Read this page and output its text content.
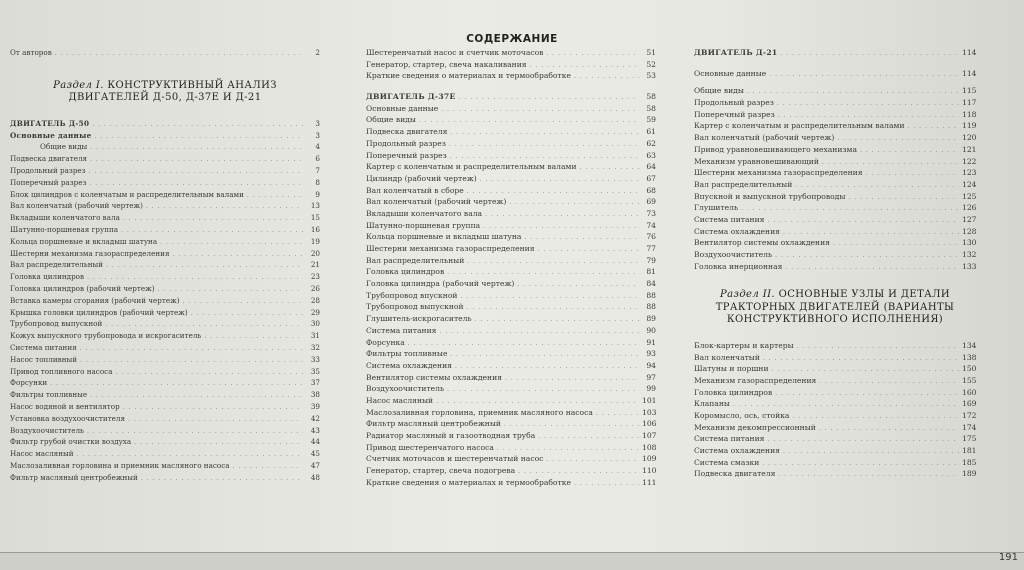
СОДЕРЖАНИЕ
От авторов . . .	2
Раздел I. КОНСТРУКТИВНЫЙ АНАЛИЗ
ДВИГАТЕЛЕЙ Д-50, Д-37Е И Д-21
ДВИГАТЕЛЬ Д-50 . . .	3
Основные данные . . .	3
Общие виды . . .	4
Подвеска двигателя . . .	6
Продольный разрез . . .	7
Поперечный разрез . . .	8
Блок цилиндров с коленчатым и распределительным валами . . .	9
Вал коленчатый (рабочий чертеж) . . .	13
Вкладыши коленчатого вала . . .	15
Шатунно-поршневая группа . . .	16
Кольца поршневые и вкладыш шатуна . . .	19
Шестерни механизма газораспределения . . .	20
Вал распределительный . . .	21
Головка цилиндров . . .	23
Головка цилиндров (рабочий чертеж) . . .	26
Вставка камеры сгорания (рабочий чертеж) . . .	28
Крышка головки цилиндров (рабочий чертеж) . . .	29
Трубопровод выпускной . . .	30
Кожух выпускного трубопровода и искрогаситель . . .	31
Система питания . . .	32
Насос топливный . . .	33
Привод топливного насоса . . .	35
Форсунки . . .	37
Фильтры топливные . . .	38
Насос водяной и вентилятор . . .	39
Установка воздухоочистителя . . .	42
Воздухоочиститель . . .	43
Фильтр грубой очистки воздуха . . .	44
Насос масляный . . .	45
Маслозаливная горловина и приемник масляного насоса . . .	47
Фильтр масляный центробежный . . .	48
Шестеренчатый насос и счетчик моточасов . . .	51
Генератор, стартер, свеча накаливания . . .	52
Краткие сведения о материалах и термообработке . . .	53
ДВИГАТЕЛЬ Д-37Е . . .	58
Основные данные . . .	58
Общие виды . . .	59
Подвеска двигателя . . .	61
Продольный разрез . . .	62
Поперечный разрез . . .	63
Картер с коленчатым и распределительным валами . . .	64
Цилиндр (рабочий чертеж) . . .	67
Вал коленчатый в сборе . . .	68
Вал коленчатый (рабочий чертеж) . . .	69
Вкладыши коленчатого вала . . .	73
Шатунно-поршневая группа . . .	74
Кольца поршневые и вкладыш шатуна . . .	76
Шестерни механизма газораспределения . . .	77
Вал распределительный . . .	79
Головка цилиндров . . .	81
Головка цилиндра (рабочий чертеж) . . .	84
Трубопровод впускной . . .	88
Трубопровод выпускной . . .	88
Глушитель-искрогаситель . . .	89
Система питания . . .	90
Форсунка . . .	91
Фильтры топливные . . .	93
Система охлаждения . . .	94
Вентилятор системы охлаждения . . .	97
Воздухоочиститель . . .	99
Насос масляный . . .	101
Маслозаливная горловина, приемник масляного насоса . . .	103
Фильтр масляный центробежный . . .	106
Радиатор масляный и газоотводная труба . . .	107
Привод шестеренчатого насоса . . .	108
Счетчик моточасов и шестеренчатый насос . . .	109
Генератор, стартер, свеча подогрева . . .	110
Краткие сведения о материалах и термообработке . . .	111
ДВИГАТЕЛЬ Д-21 . . .	114
Основные данные . . .	114
Общие виды . . .	115
Продольный разрез . . .	117
Поперечный разрез . . .	118
Картер с коленчатым и распределительным валами . . .	119
Вал коленчатый (рабочий чертеж) . . .	120
Привод уравновешивающего механизма . . .	121
Механизм уравновешивающий . . .	122
Шестерни механизма газораспределения . . .	123
Вал распределительный . . .	124
Впускной и выпускной трубопроводы . . .	125
Глушитель . . .	126
Система питания . . .	127
Система охлаждения . . .	128
Вентилятор системы охлаждения . . .	130
Воздухоочиститель . . .	132
Головка инерционная . . .	133
Раздел II. ОСНОВНЫЕ УЗЛЫ И ДЕТАЛИ
ТРАКТОРНЫХ ДВИГАТЕЛЕЙ (ВАРИАНТЫ
КОНСТРУКТИВНОГО ИСПОЛНЕНИЯ)
Блок-картеры и картеры . . .	134
Вал коленчатый . . .	138
Шатуны и поршни . . .	150
Механизм газораспределения . . .	155
Головка цилиндров . . .	160
Клапаны . . .	169
Коромысло, ось, стойка . . .	172
Механизм декомпрессионный . . .	174
Система питания . . .	175
Система охлаждения . . .	181
Система смазки . . .	185
Подвеска двигателя . . .	189
191
